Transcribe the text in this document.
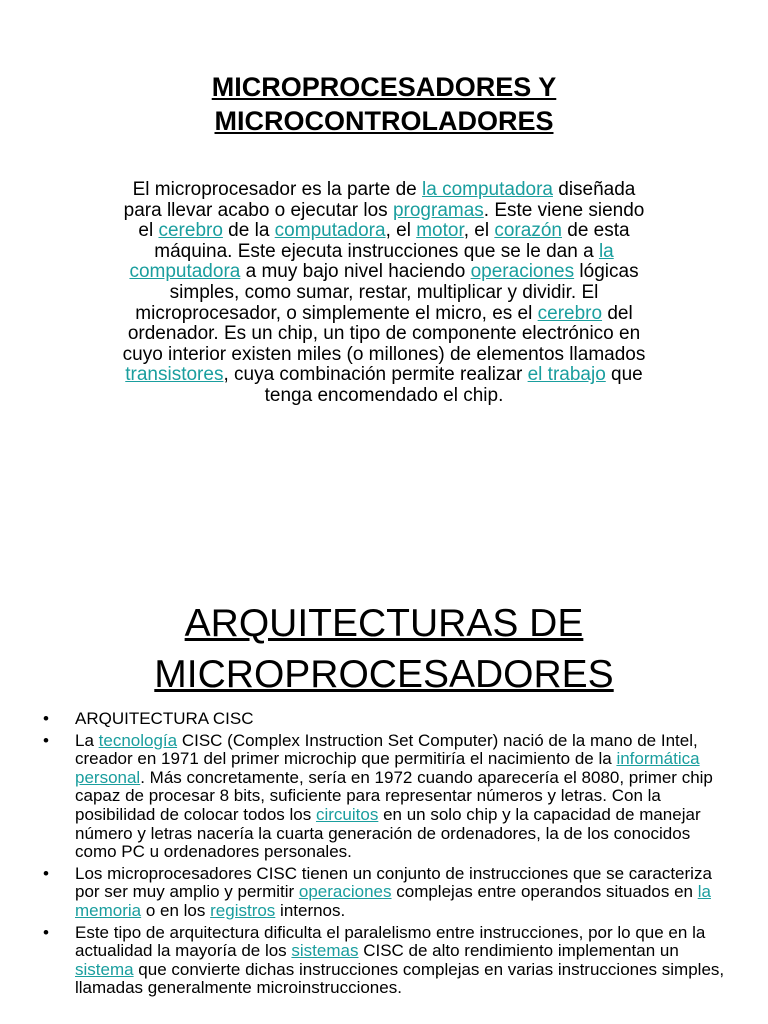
MICROPROCESADORES Y
MICROCONTROLADORES

El microprocesador es la parte de la computadora diseñada para llevar acabo o ejecutar los programas. Este viene siendo el cerebro de la computadora, el motor, el corazón de esta máquina. Este ejecuta instrucciones que se le dan a la computadora a muy bajo nivel haciendo operaciones lógicas simples, como sumar, restar, multiplicar y dividir. El microprocesador, o simplemente el micro, es el cerebro del ordenador. Es un chip, un tipo de componente electrónico en cuyo interior existen miles (o millones) de elementos llamados transistores, cuya combinación permite realizar el trabajo que tenga encomendado el chip.

ARQUITECTURAS DE
MICROPROCESADORES
• ARQUITECTURA CISC
• La tecnología CISC (Complex Instruction Set Computer) nació de la mano de Intel, creador en 1971 del primer microchip que permitiría el nacimiento de la informática personal. Más concretamente, sería en 1972 cuando aparecería el 8080, primer chip capaz de procesar 8 bits, suficiente para representar números y letras. Con la posibilidad de colocar todos los circuitos en un solo chip y la capacidad de manejar número y letras nacería la cuarta generación de ordenadores, la de los conocidos como PC u ordenadores personales.
• Los microprocesadores CISC tienen un conjunto de instrucciones que se caracteriza por ser muy amplio y permitir operaciones complejas entre operandos situados en la memoria o en los registros internos.
• Este tipo de arquitectura dificulta el paralelismo entre instrucciones, por lo que en la actualidad la mayoría de los sistemas CISC de alto rendimiento implementan un sistema que convierte dichas instrucciones complejas en varias instrucciones simples, llamadas generalmente microinstrucciones.
